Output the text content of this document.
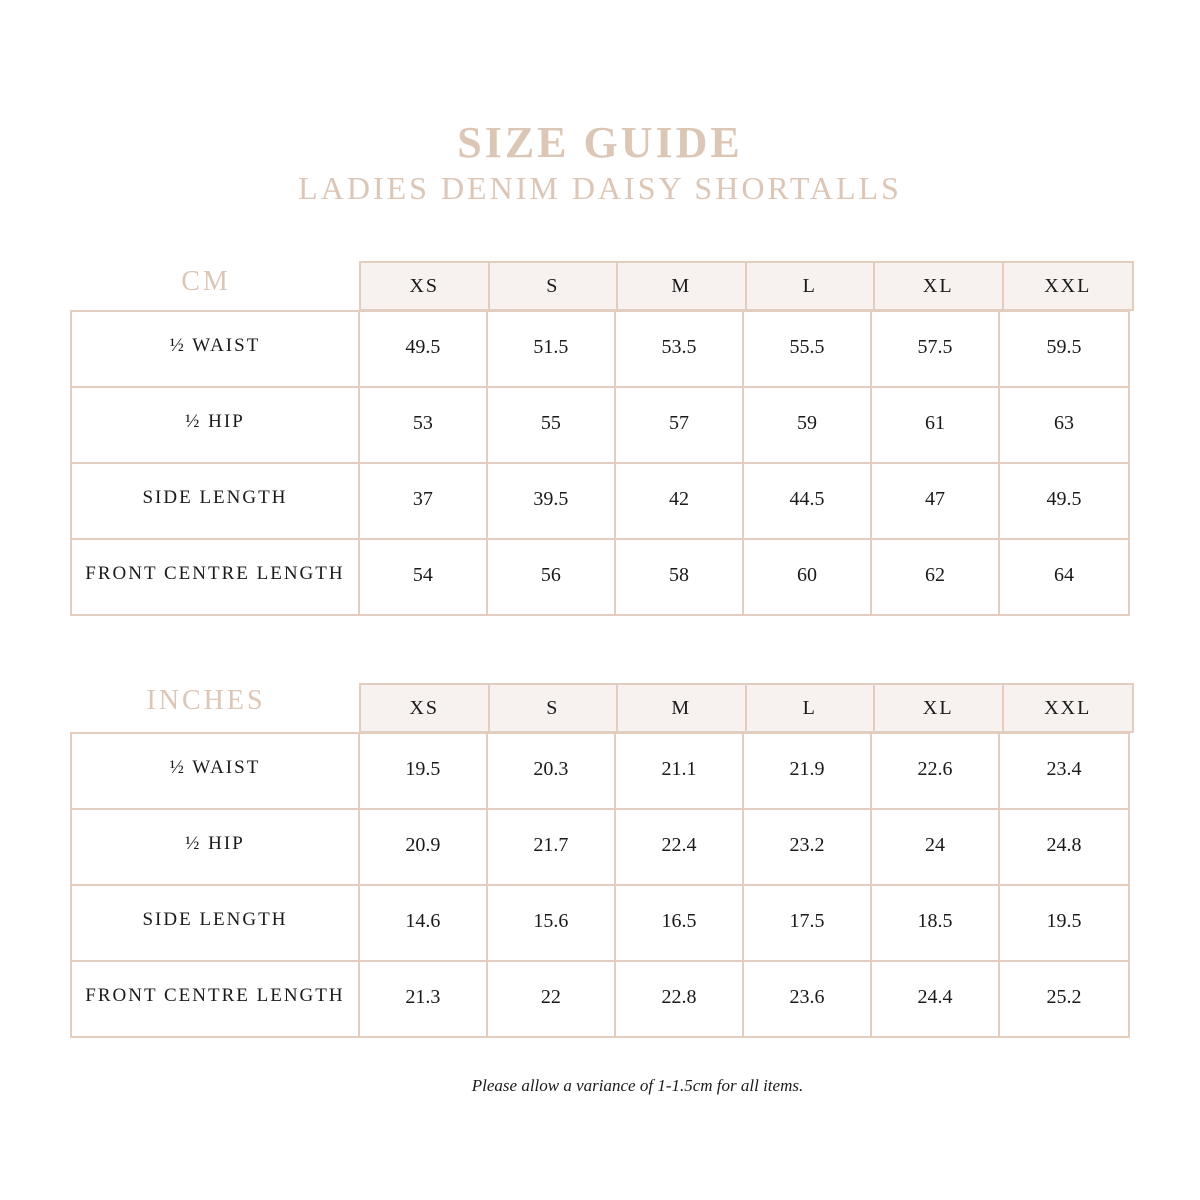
SIZE GUIDE
LADIES DENIM DAISY SHORTALLS
CM	XS	S	M	L	XL	XXL
½ WAIST	49.5	51.5	53.5	55.5	57.5	59.5
½ HIP	53	55	57	59	61	63
SIDE LENGTH	37	39.5	42	44.5	47	49.5
FRONT CENTRE LENGTH	54	56	58	60	62	64
INCHES	XS	S	M	L	XL	XXL
½ WAIST	19.5	20.3	21.1	21.9	22.6	23.4
½ HIP	20.9	21.7	22.4	23.2	24	24.8
SIDE LENGTH	14.6	15.6	16.5	17.5	18.5	19.5
FRONT CENTRE LENGTH	21.3	22	22.8	23.6	24.4	25.2
Please allow a variance of 1-1.5cm for all items.
